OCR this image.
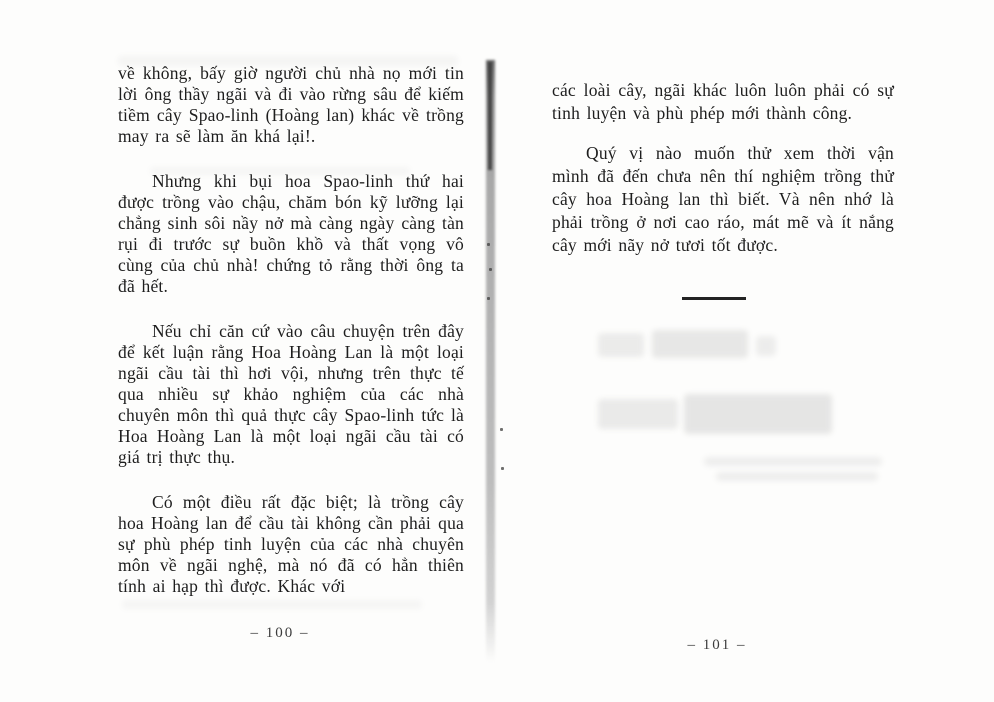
về không, bấy giờ người chủ nhà nọ mới tin lời ông thầy ngãi và đi vào rừng sâu để kiếm tiềm cây Spao-linh (Hoàng lan) khác về trồng may ra sẽ làm ăn khá lại!.

Nhưng khi bụi hoa Spao-linh thứ hai được trồng vào chậu, chăm bón kỹ lưỡng lại chẳng sinh sôi nầy nở mà càng ngày càng tàn rụi đi trước sự buồn khồ và thất vọng vô cùng của chủ nhà! chứng tỏ rằng thời ông ta đã hết.

Nếu chỉ căn cứ vào câu chuyện trên đây để kết luận rằng Hoa Hoàng Lan là một loại ngãi cầu tài thì hơi vội, nhưng trên thực tế qua nhiều sự khảo nghiệm của các nhà chuyên môn thì quả thực cây Spao-linh tức là Hoa Hoàng Lan là một loại ngãi cầu tài có giá trị thực thụ.

Có một điều rất đặc biệt; là trồng cây hoa Hoàng lan để cầu tài không cần phải qua sự phù phép tinh luyện của các nhà chuyên môn về ngãi nghệ, mà nó đã có hẳn thiên tính ai hạp thì được. Khác với

– 100 –

các loài cây, ngãi khác luôn luôn phải có sự tinh luyện và phù phép mới thành công.

Quý vị nào muốn thử xem thời vận mình đã đến chưa nên thí nghiệm trồng thử cây hoa Hoàng lan thì biết. Và nên nhớ là phải trồng ở nơi cao ráo, mát mẽ và ít nắng cây mới nãy nở tươi tốt được.

– 101 –
